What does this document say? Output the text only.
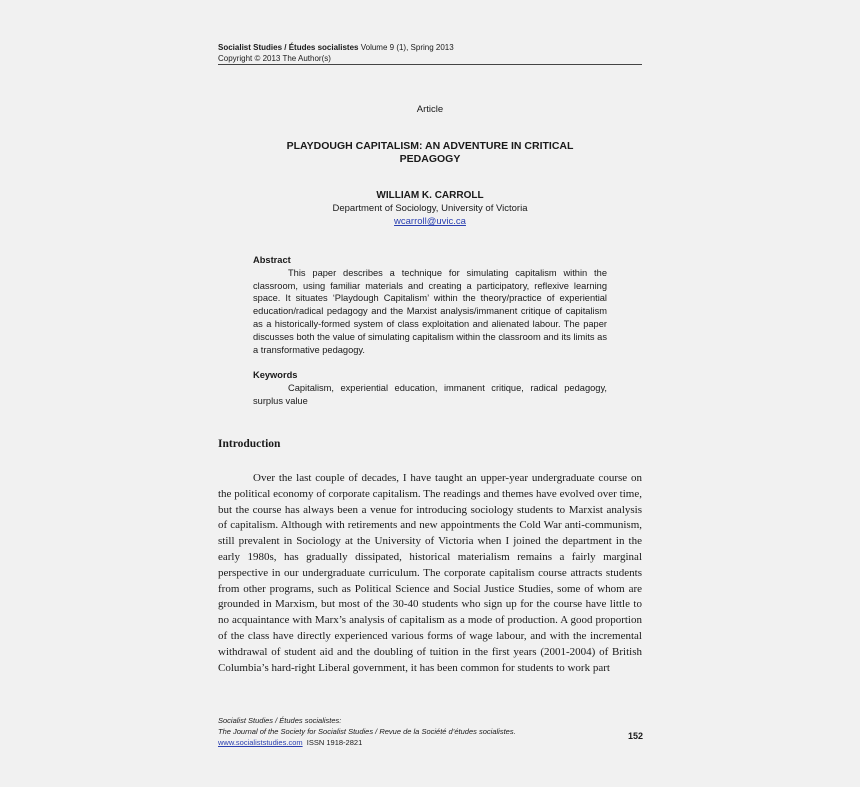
Socialist Studies / Études socialistes Volume 9 (1), Spring 2013
Copyright © 2013 The Author(s)
Article
PLAYDOUGH CAPITALISM: AN ADVENTURE IN CRITICAL PEDAGOGY
WILLIAM K. CARROLL
Department of Sociology, University of Victoria
wcarroll@uvic.ca
Abstract

This paper describes a technique for simulating capitalism within the classroom, using familiar materials and creating a participatory, reflexive learning space. It situates ‘Playdough Capitalism’ within the theory/practice of experiential education/radical pedagogy and the Marxist analysis/immanent critique of capitalism as a historically-formed system of class exploitation and alienated labour. The paper discusses both the value of simulating capitalism within the classroom and its limits as a transformative pedagogy.

Keywords

Capitalism, experiential education, immanent critique, radical pedagogy, surplus value

Introduction

Over the last couple of decades, I have taught an upper-year undergraduate course on the political economy of corporate capitalism. The readings and themes have evolved over time, but the course has always been a venue for introducing sociology students to Marxist analysis of capitalism. Although with retirements and new appointments the Cold War anti-communism, still prevalent in Sociology at the University of Victoria when I joined the department in the early 1980s, has gradually dissipated, historical materialism remains a fairly marginal perspective in our undergraduate curriculum. The corporate capitalism course attracts students from other programs, such as Political Science and Social Justice Studies, some of whom are grounded in Marxism, but most of the 30-40 students who sign up for the course have little to no acquaintance with Marx’s analysis of capitalism as a mode of production. A good proportion of the class have directly experienced various forms of wage labour, and with the incremental withdrawal of student aid and the doubling of tuition in the first years (2001-2004) of British Columbia’s hard-right Liberal government, it has been common for students to work part

Socialist Studies / Études socialistes:
The Journal of the Society for Socialist Studies / Revue de la Société d’études socialistes.
www.socialiststudies.com ISSN 1918-2821
152
